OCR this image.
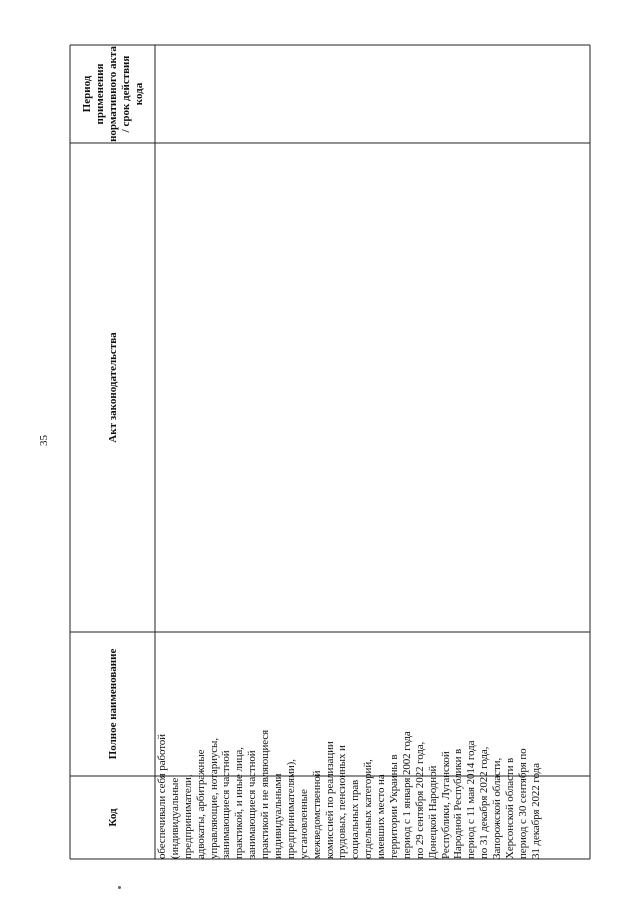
35
Период применения нормативного акта / срок действия кода
Акт законодательства
Полное наименование
Код	обеспечивали себя работой (индивидуальные предприниматели, адвокаты, арбитражные управляющие, нотариусы, занимающиеся частной практикой, и иные лица, занимающиеся частной практикой и не являющиеся индивидуальными предпринимателями), установленные межведомственной комиссией по реализации трудовых, пенсионных и социальных прав отдельных категорий, имевших место на территории Украины в период с 1 января 2002 года по 29 сентября 2022 года, Донецкой Народной Республики, Луганской Народной Республики в период с 11 мая 2014 года по 31 декабря 2022 года, Запорожской области, Херсонской области в период с 30 сентября по 31 декабря 2022 года
